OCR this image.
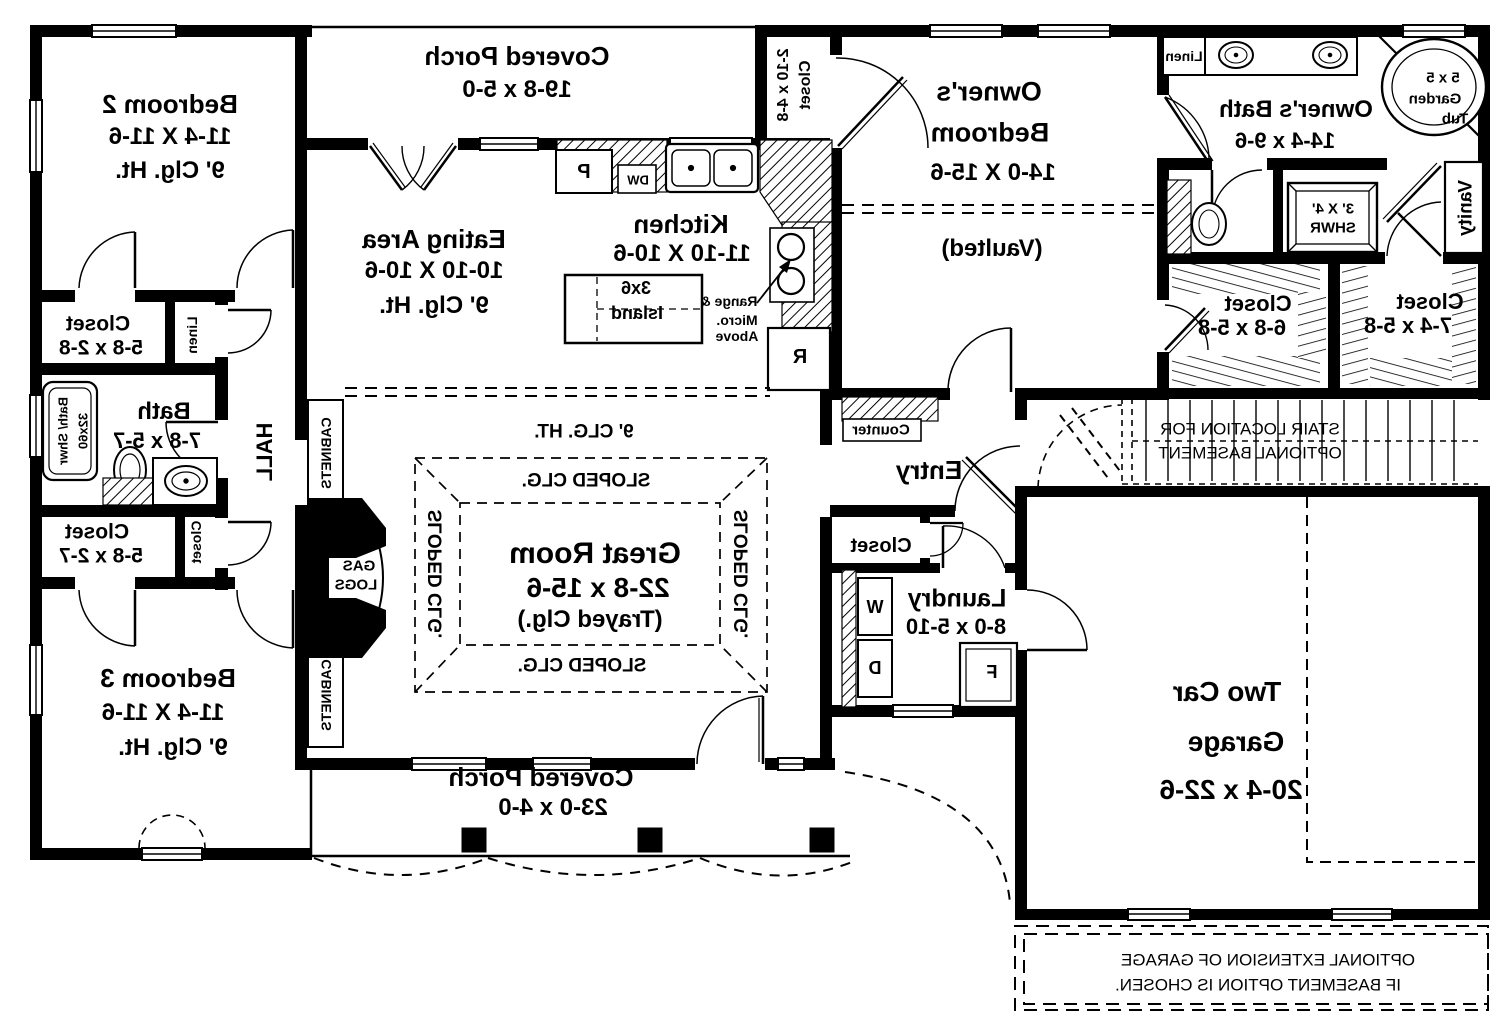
Bedroom 2
11-4 X 11-6
9' Clg. Ht.
Covered Porch
19-8 x 5-0	Closet
2-10 x 4-8
Eating Area
10-10 X 10-6
9' Clg. Ht.
Kitchen
11-10 X 10-6
3x6
Island
Range &
Micro.
Above
P	DW
R
Owner's
Bedroom
14-0 X 15-6
(Vaulted)
Owner's Bath
14-4 x 9-6
Linen
5 x 5
Garden
Tub
Vanity
3' X 4'
SHWR
Closet
6-8 x 5-8
Closet
7-4 x 5-8
STAIR LOCATION FOR
OPTIONAL BASEMENT
Entry
Counter
Closet
Laundry
8-0 x 5-10
W
D	F
Two Car
Garage
20-4 x 22-6
9' CLG. HT.
SLOPED CLG.
SLOPED CLG.
SLOPED CLG.	SLOPED CLG.
Great Room
22-8 x 15-6
(Trayed Clg.)
GAS
LOGS
CABINETS
CABINETS
HALL
Closet
5-8 x 2-8	Linen
Bath
7-8 x 5-7
32x60
Bath/ Shwr
Closet
5-8 x 2-7	Closet
Bedroom 3
11-4 X 11-6
9' Clg. Ht.
Covered Porch
23-0 x 4-0
OPTIONAL EXTENSION OF GARAGE
IF BASEMENT OPTION IS CHOSEN.
